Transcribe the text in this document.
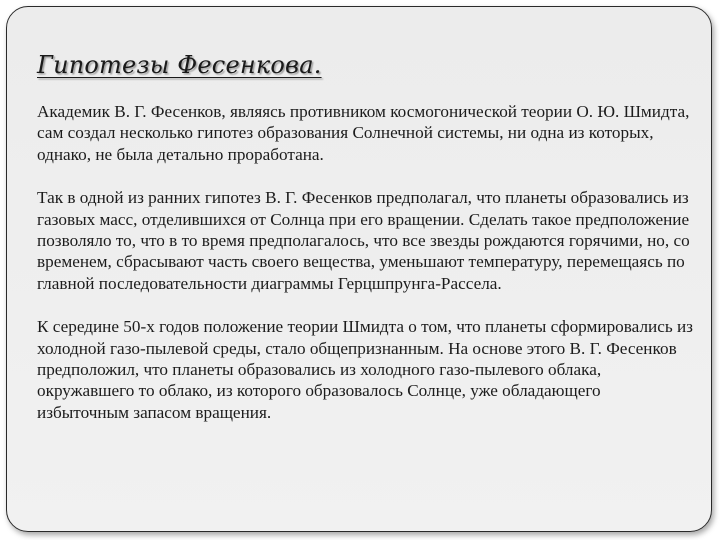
Гипотезы Фесенкова.

Академик В. Г. Фесенков, являясь противником космогонической теории О. Ю. Шмидта, сам создал несколько гипотез образования Солнечной системы, ни одна из которых, однако, не была детально проработана.

Так в одной из ранних гипотез В. Г. Фесенков предполагал, что планеты образовались из газовых масс, отделившихся от Солнца при его вращении. Сделать такое предположение позволяло то, что в то время предполагалось, что все звезды рождаются горячими, но, со временем, сбрасывают часть своего вещества, уменьшают температуру, перемещаясь по главной последовательности диаграммы Герцшпрунга-Рассела.

К середине 50-х годов положение теории Шмидта о том, что планеты сформировались из холодной газо-пылевой среды, стало общепризнанным. На основе этого В. Г. Фесенков предположил, что планеты образовались из холодного газо-пылевого облака, окружавшего то облако, из которого образовалось Солнце, уже обладающего избыточным запасом вращения.
